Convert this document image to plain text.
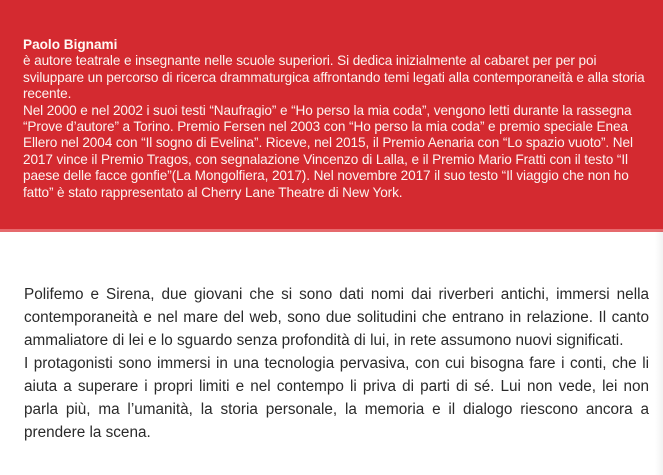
Paolo Bignami

è autore teatrale e insegnante nelle scuole superiori. Si dedica inizialmente al cabaret per per poi sviluppare un percorso di ricerca drammaturgica affrontando temi legati alla contemporaneità e alla storia recente.

Nel 2000 e nel 2002 i suoi testi “Naufragio” e “Ho perso la mia coda”, vengono letti durante la rassegna “Prove d’autore” a Torino. Premio Fersen nel 2003 con “Ho perso la mia coda” e premio speciale Enea Ellero nel 2004 con “Il sogno di Evelina”. Riceve, nel 2015, il Premio Aenaria con “Lo spazio vuoto”. Nel 2017 vince il Premio Tragos, con segnalazione Vincenzo di Lalla, e il Premio Mario Fratti con il testo “Il paese delle facce gonfie”(La Mongolfiera, 2017). Nel novembre 2017 il suo testo “Il viaggio che non ho fatto” è stato rappresentato al Cherry Lane Theatre di New York.

Polifemo e Sirena, due giovani che si sono dati nomi dai riverberi antichi, immersi nella contemporaneità e nel mare del web, sono due solitudini che entrano in relazione. Il canto ammaliatore di lei e lo sguardo senza profondità di lui, in rete assumono nuovi significati.

I protagonisti sono immersi in una tecnologia pervasiva, con cui bisogna fare i conti, che li aiuta a superare i propri limiti e nel contempo li priva di parti di sé. Lui non vede, lei non parla più, ma l’umanità, la storia personale, la memoria e il dialogo riescono ancora a prendere la scena.
